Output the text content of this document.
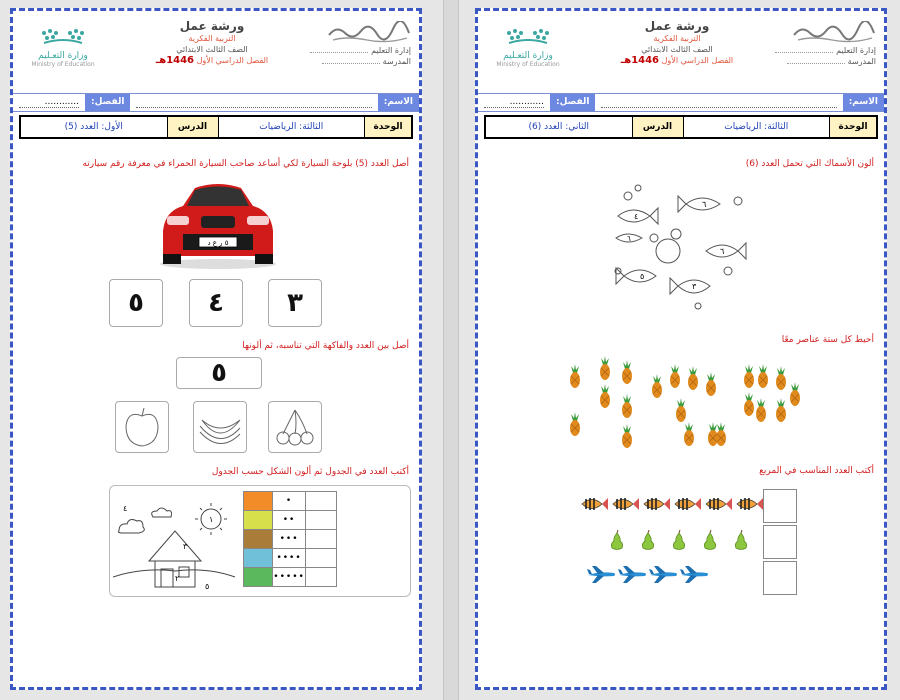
إدارة التعليم
المدرسة
ورشة عمل
التربية الفكرية
الصف الثالث الابتدائي
الفصل الدراسي الأول 1446هـ
وزارة التعـليم
Ministry of Education
الاسم:
الفصل:
............
الوحدة
الثالثة: الرياضيات
الدرس
الأول: العدد (5)
أصل العدد (5) بلوحة السيارة لكي أساعد صاحب السيارة الحمراء في معرفة رقم سيارته
٥ ر ع د
٣
٤
٥
أصل بين العدد والفاكهة التي تناسبه، ثم ألونها
٥
أكتب العدد في الجدول ثم ألون الشكل حسب الجدول
٤
١
٣
٢
٥
	•	
	••	
	•••	
	••••	
	•••••	
إدارة التعليم
المدرسة
ورشة عمل
التربية الفكرية
الصف الثالث الابتدائي
الفصل الدراسي الأول 1446هـ
وزارة التعـليم
Ministry of Education
الاسم:
الفصل:
............
الوحدة
الثالثة: الرياضيات
الدرس
الثاني: العدد (6)
ألون الأسماك التي تحمل العدد (6)
٤
٦
٥
٦
٣
٦
أحيط كل ستة عناصر معًا
أكتب العدد المناسب في المربع
